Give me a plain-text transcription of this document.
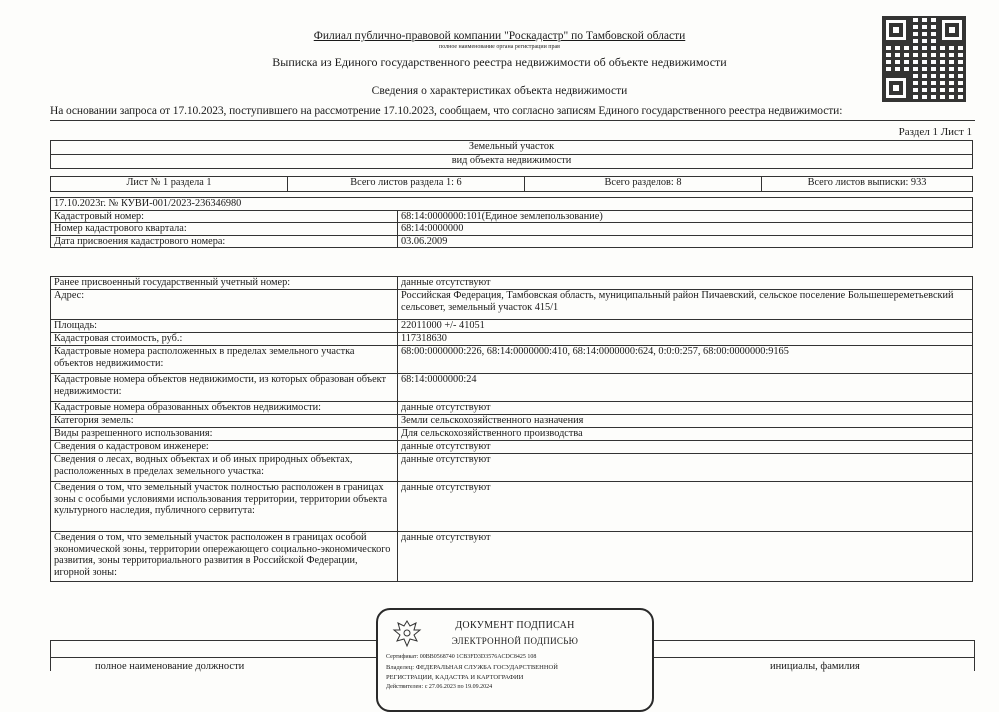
Филиал публично-правовой компании "Роскадастр" по Тамбовской области
полное наименование органа регистрации прав
Выписка из Единого государственного реестра недвижимости об объекте недвижимости
Сведения о характеристиках объекта недвижимости
На основании запроса от 17.10.2023, поступившего на рассмотрение 17.10.2023, сообщаем, что согласно записям Единого государственного реестра недвижимости:
Раздел 1 Лист 1
Земельный участок
вид объекта недвижимости
Лист № 1 раздела 1	Всего листов раздела 1: 6	Всего разделов: 8	Всего листов выписки: 933
17.10.2023г. № КУВИ-001/2023-236346980	
Кадастровый номер:	68:14:0000000:101(Единое землепользование)
Номер кадастрового квартала:	68:14:0000000
Дата присвоения кадастрового номера:	03.06.2009
Ранее присвоенный государственный учетный номер:	данные отсутствуют
Адрес:	Российская Федерация, Тамбовская область, муниципальный район Пичаевский, сельское поселение Большешереметьевский сельсовет, земельный участок 415/1
Площадь:	22011000 +/- 41051
Кадастровая стоимость, руб.:	117318630
Кадастровые номера расположенных в пределах земельного участка объектов недвижимости:	68:00:0000000:226, 68:14:0000000:410, 68:14:0000000:624, 0:0:0:257, 68:00:0000000:9165
Кадастровые номера объектов недвижимости, из которых образован объект недвижимости:	68:14:0000000:24
Кадастровые номера образованных объектов недвижимости:	данные отсутствуют
Категория земель:	Земли сельскохозяйственного назначения
Виды разрешенного использования:	Для сельскохозяйственного производства
Сведения о кадастровом инженере:	данные отсутствуют
Сведения о лесах, водных объектах и об иных природных объектах, расположенных в пределах земельного участка:	данные отсутствуют
Сведения о том, что земельный участок полностью расположен в границах зоны с особыми условиями использования территории, территории объекта культурного наследия, публичного сервитута:	данные отсутствуют
Сведения о том, что земельный участок расположен в границах особой экономической зоны, территории опережающего социально-экономического развития, зоны территориального развития в Российской Федерации, игорной зоны:	данные отсутствуют
полное наименование должности	инициалы, фамилия
ДОКУМЕНТ ПОДПИСАН
ЭЛЕКТРОННОЙ ПОДПИСЬЮ
Сертификат: 00BB0568740 1CB3FD3D3576ACDC8425 108
Владелец: ФЕДЕРАЛЬНАЯ СЛУЖБА ГОСУДАРСТВЕННОЙ
РЕГИСТРАЦИИ, КАДАСТРА И КАРТОГРАФИИ
Действителен: с 27.06.2023 по 19.09.2024
